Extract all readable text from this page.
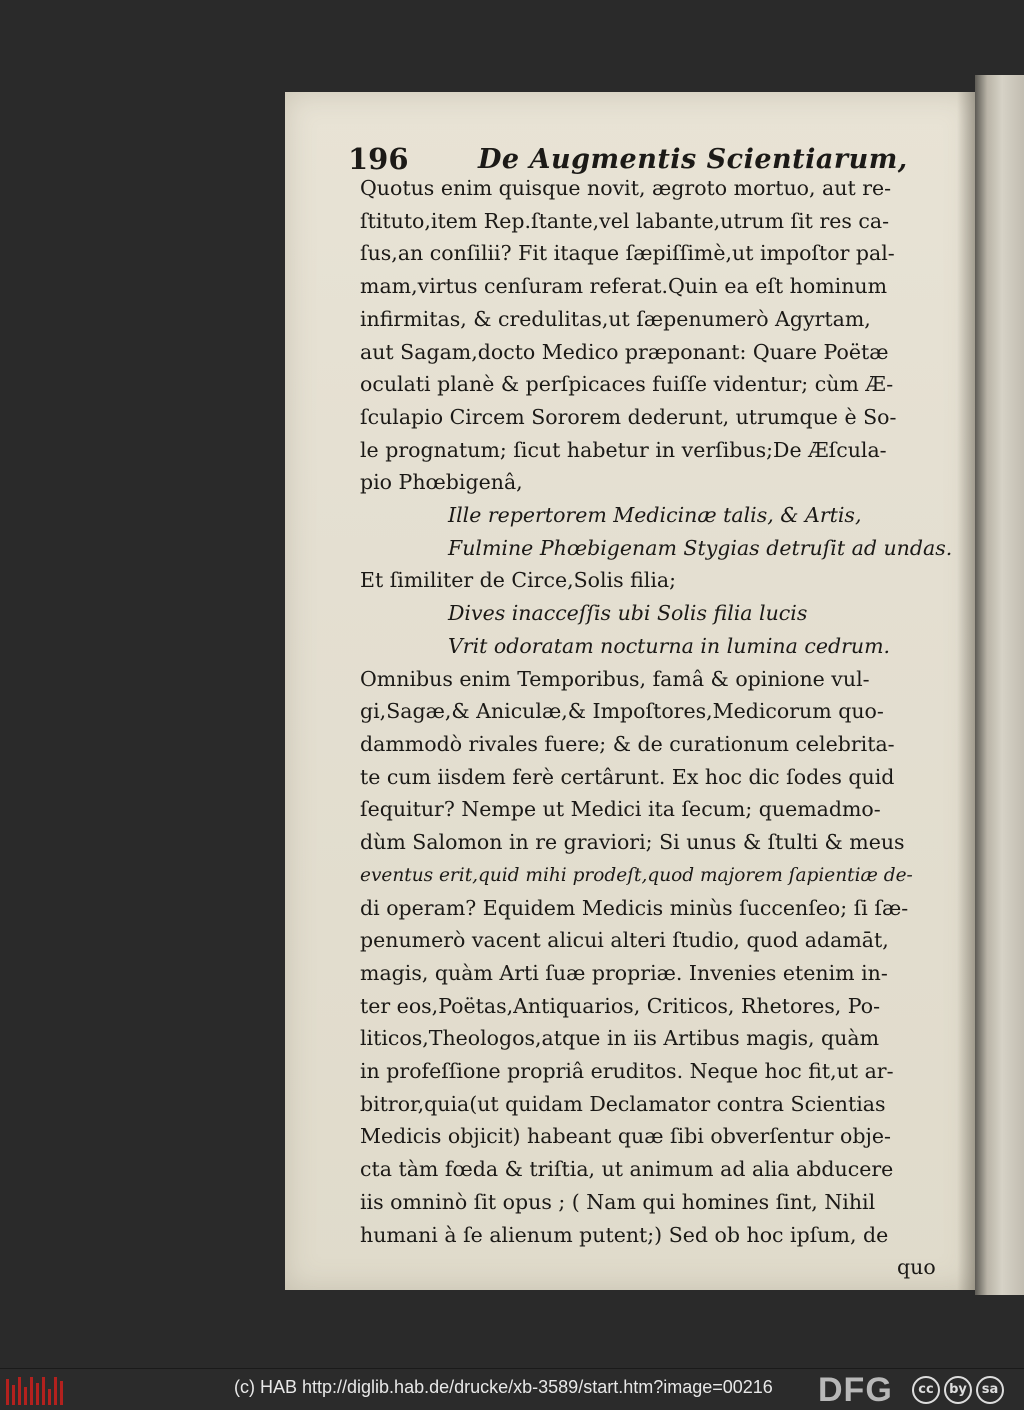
196	De Augmentis Scientiarum,
Quotus enim quisque novit, ægroto mortuo, aut re-
ſtituto,item Rep.ſtante,vel labante,utrum ſit res ca-
ſus,an conſilii? Fit itaque ſæpiſſimè,ut impoſtor pal-
mam,virtus cenſuram referat.Quin ea eſt hominum
infirmitas, & credulitas,ut ſæpenumerò Agyrtam,
aut Sagam,docto Medico præponant: Quare Poëtæ
oculati planè & perſpicaces fuiſſe videntur; cùm Æ-
ſculapio Circem Sororem dederunt, utrumque è So-
le prognatum; ſicut habetur in verſibus;De Æſcula-
pio Phœbigenâ,
Ille repertorem Medicinæ talis, & Artis,
Fulmine Phœbigenam Stygias detruſit ad undas.
Et ſimiliter de Circe,Solis filia;
Dives inacceſſis ubi Solis filia lucis
Vrit odoratam nocturna in lumina cedrum.
Omnibus enim Temporibus, famâ & opinione vul-
gi,Sagæ,& Aniculæ,& Impoſtores,Medicorum quo-
dammodò rivales fuere; & de curationum celebrita-
te cum iisdem ferè certârunt. Ex hoc dic ſodes quid
ſequitur? Nempe ut Medici ita ſecum; quemadmo-
dùm Salomon in re graviori; Si unus & ſtulti & meus
eventus erit,quid mihi prodeſt,quod majorem ſapientiæ de-
di operam? Equidem Medicis minùs ſuccenſeo; ſi ſæ-
penumerò vacent alicui alteri ſtudio, quod adamāt,
magis, quàm Arti ſuæ propriæ. Invenies etenim in-
ter eos,Poëtas,Antiquarios, Criticos, Rhetores, Po-
liticos,Theologos,atque in iis Artibus magis, quàm
in profeſſione propriâ eruditos. Neque hoc fit,ut ar-
bitror,quia(ut quidam Declamator contra Scientias
Medicis objicit) habeant quæ ſibi obverſentur obje-
cta tàm fœda & triſtia, ut animum ad alia abducere
iis omninò ſit opus ; ( Nam qui homines ſint, Nihil
humani à ſe alienum putent;) Sed ob hoc ipſum, de
quo
(c) HAB http://diglib.hab.de/drucke/xb-3589/start.htm?image=00216 DFG	cc	by	sa
